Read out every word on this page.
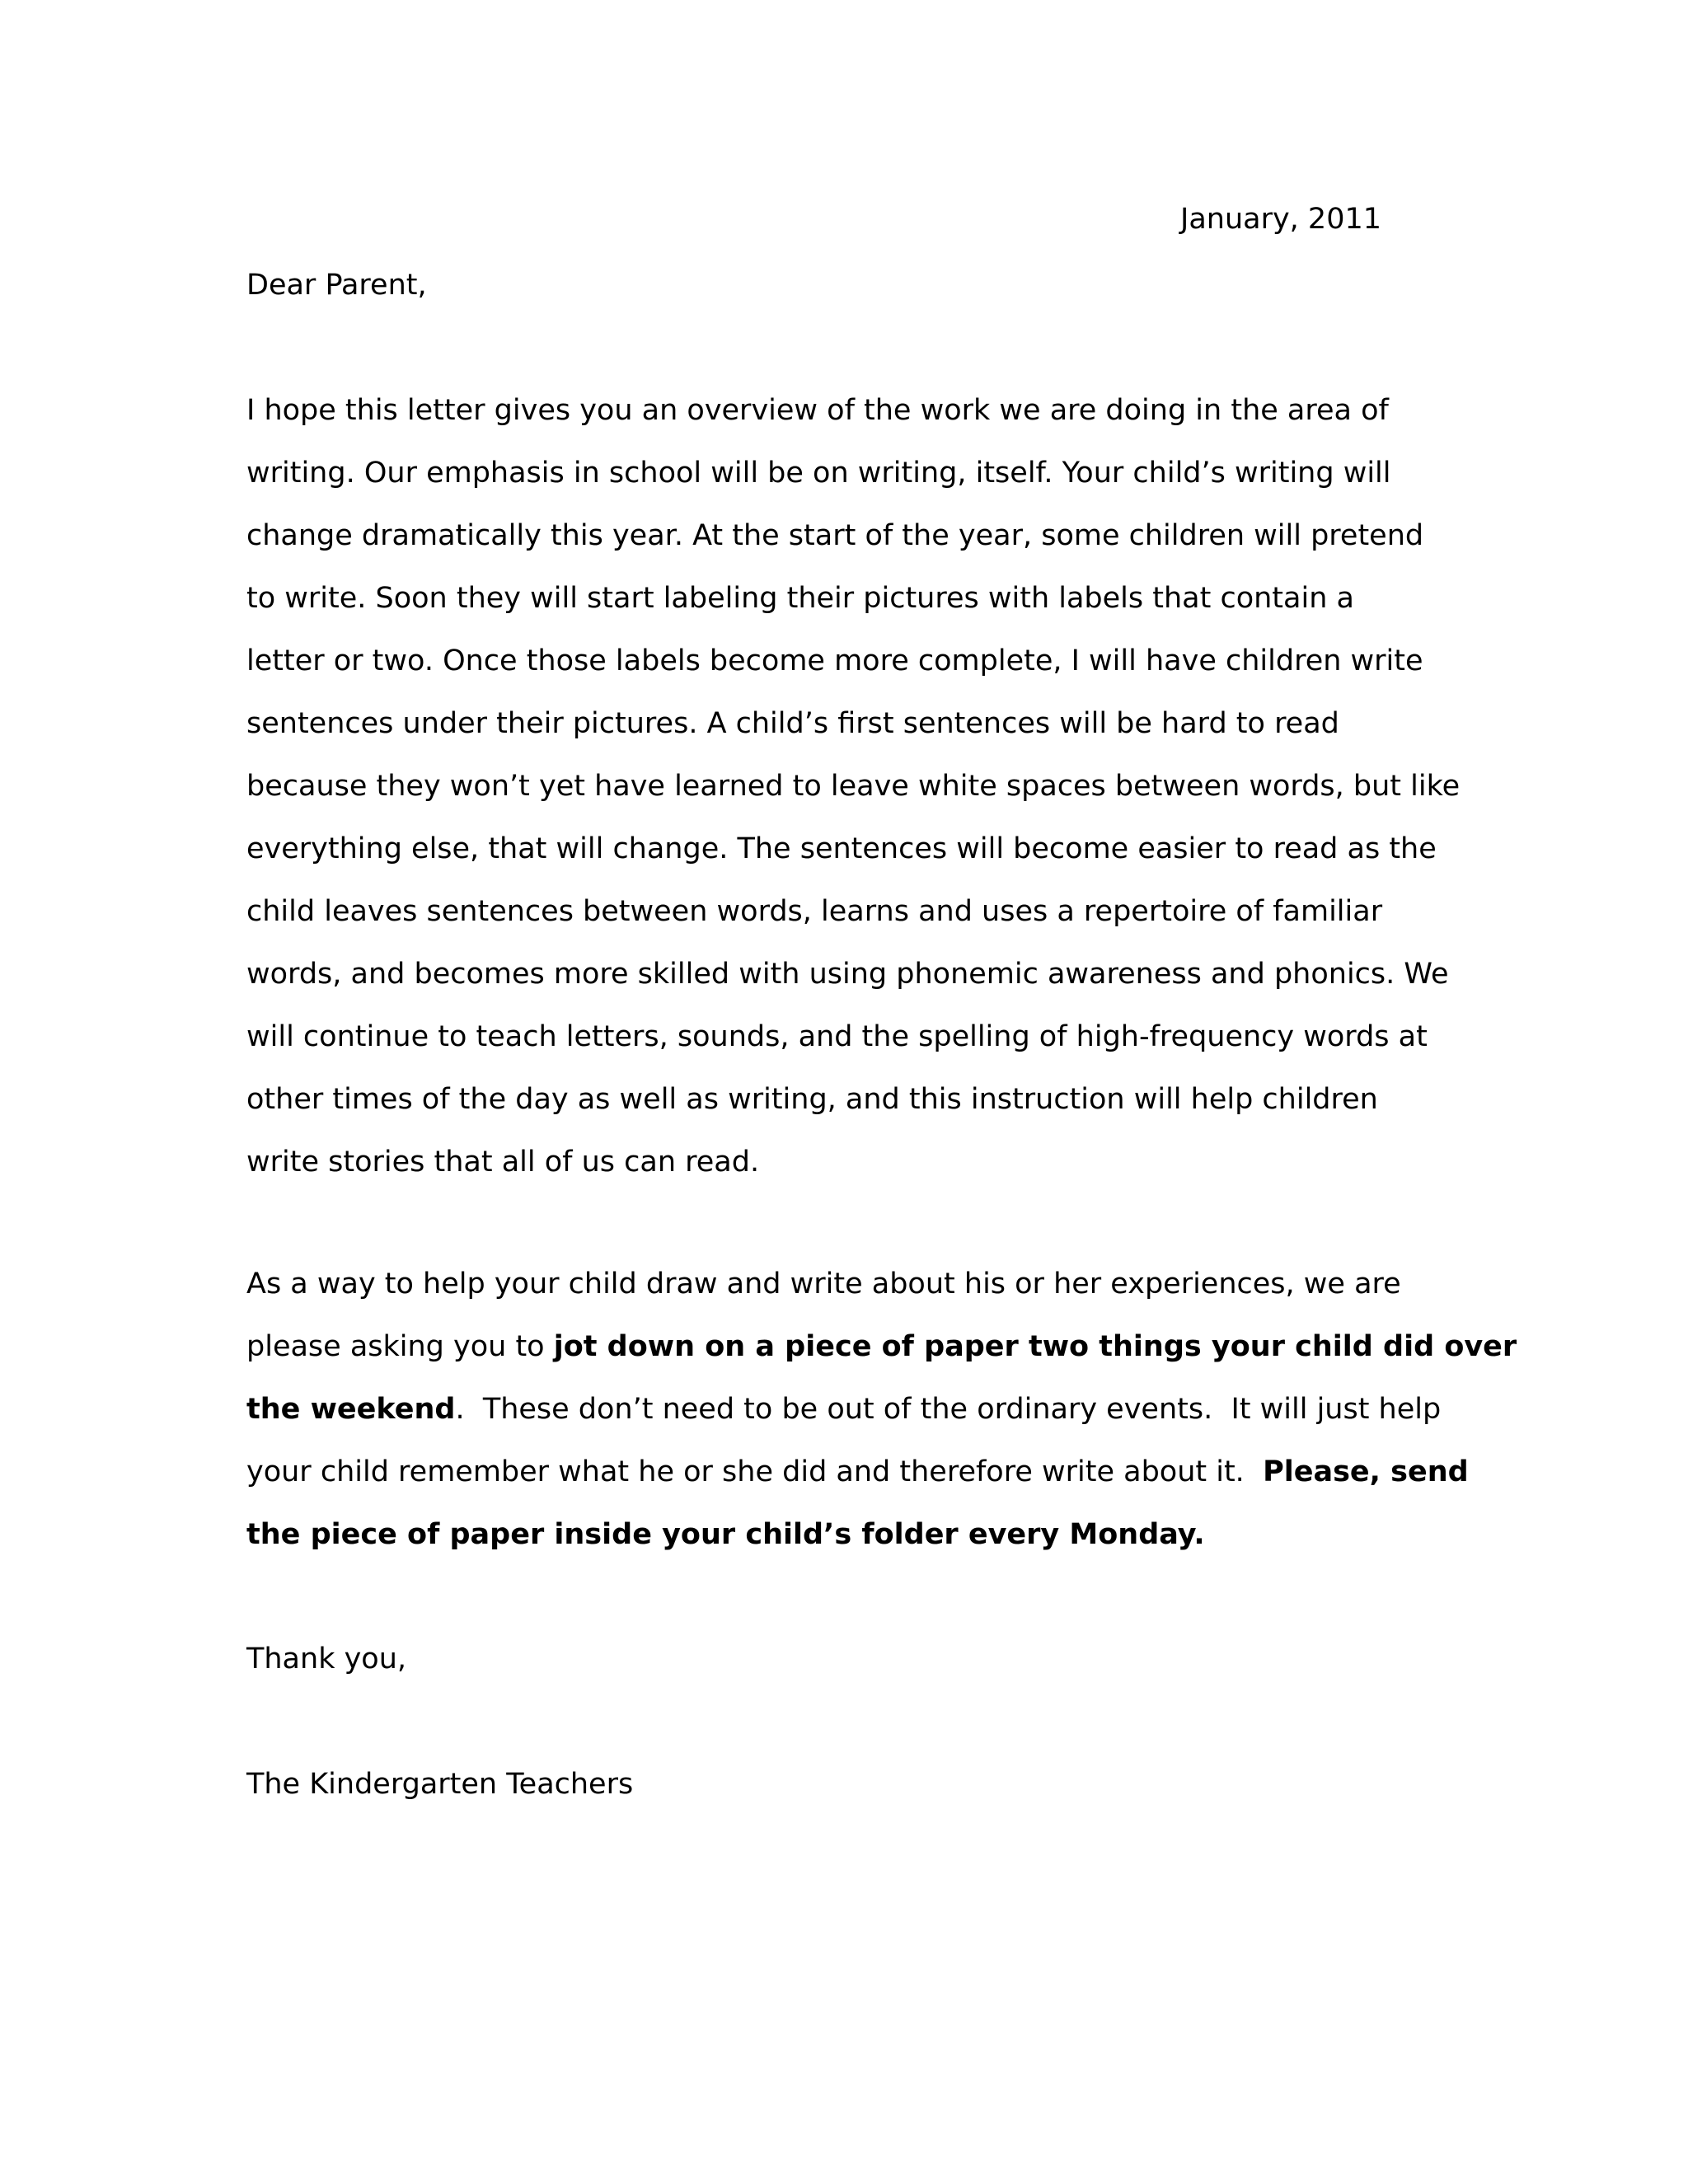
January, 2011
Dear Parent,
I hope this letter gives you an overview of the work we are doing in the area of
writing. Our emphasis in school will be on writing, itself. Your child’s writing will
change dramatically this year. At the start of the year, some children will pretend
to write. Soon they will start labeling their pictures with labels that contain a
letter or two. Once those labels become more complete, I will have children write
sentences under their pictures. A child’s first sentences will be hard to read
because they won’t yet have learned to leave white spaces between words, but like
everything else, that will change. The sentences will become easier to read as the
child leaves sentences between words, learns and uses a repertoire of familiar
words, and becomes more skilled with using phonemic awareness and phonics. We
will continue to teach letters, sounds, and the spelling of high-frequency words at
other times of the day as well as writing, and this instruction will help children
write stories that all of us can read.
As a way to help your child draw and write about his or her experiences, we are
please asking you to jot down on a piece of paper two things your child did over
the weekend.  These don’t need to be out of the ordinary events.  It will just help
your child remember what he or she did and therefore write about it.  Please, send
the piece of paper inside your child’s folder every Monday.
Thank you,
The Kindergarten Teachers
